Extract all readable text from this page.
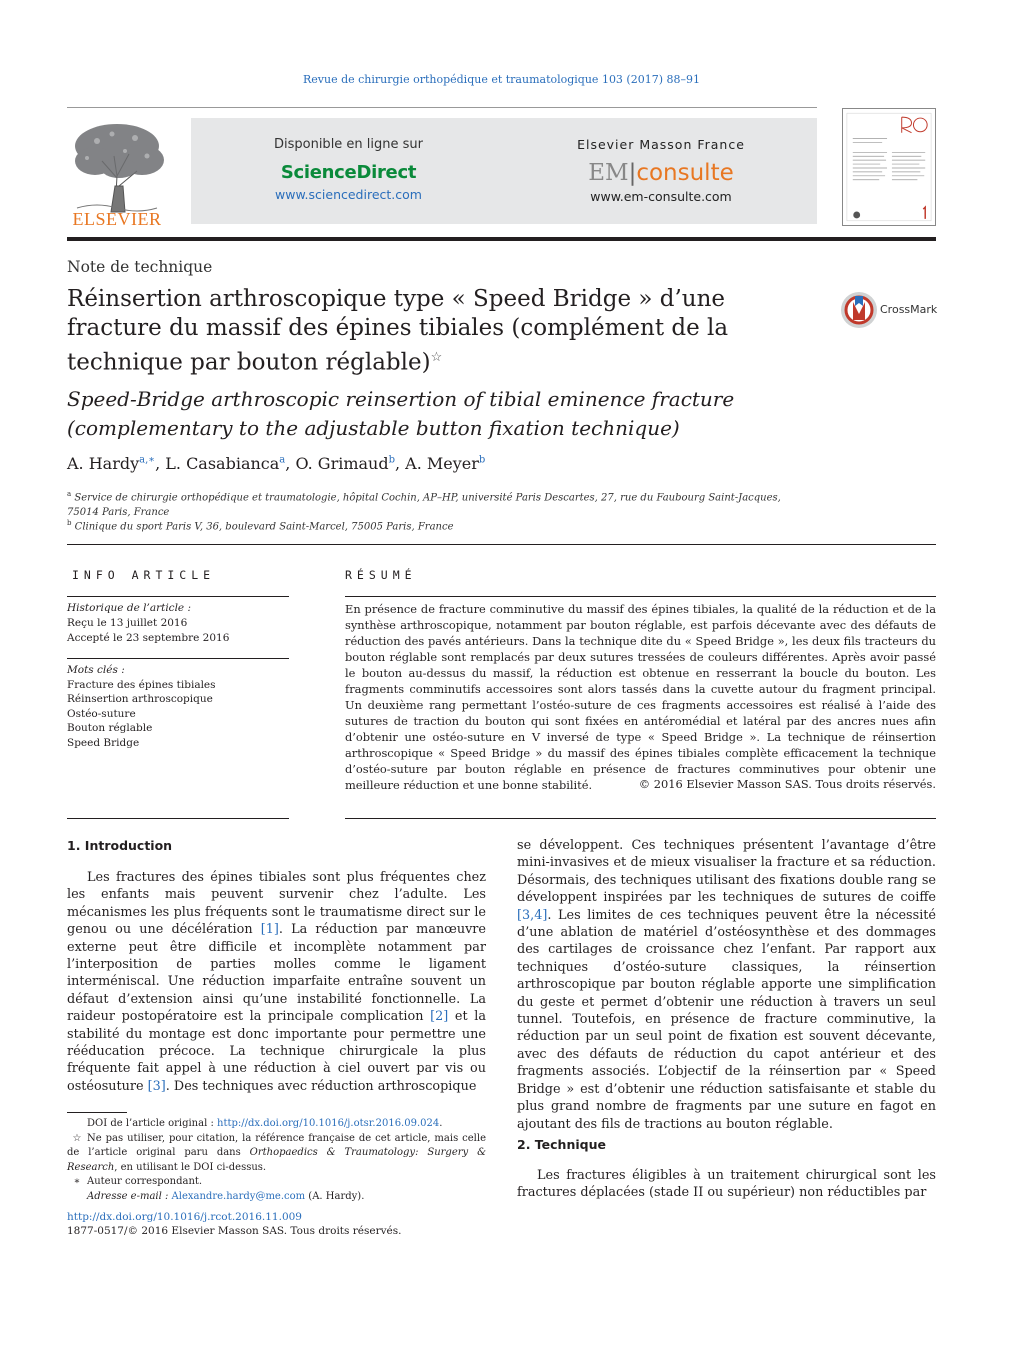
Revue de chirurgie orthopédique et traumatologique 103 (2017) 88–91
ELSEVIER
Disponible en ligne sur
ScienceDirect
www.sciencedirect.com
Elsevier Masson France
EM|consulte
www.em-consulte.com
Note de technique
Réinsertion arthroscopique type « Speed Bridge » d’une fracture du massif des épines tibiales (complément de la technique par bouton réglable)☆
CrossMark
Speed-Bridge arthroscopic reinsertion of tibial eminence fracture (complementary to the adjustable button fixation technique)
A. Hardy$^{a,∗}$, L. Casabianca$^a$, O. Grimaud$^b$, A. Meyer$^b$
$^a$ Service de chirurgie orthopédique et traumatologie, hôpital Cochin, AP–HP, université Paris Descartes, 27, rue du Faubourg Saint-Jacques, 75014 Paris, France
$^b$ Clinique du sport Paris V, 36, boulevard Saint-Marcel, 75005 Paris, France
INFO ARTICLE
Historique de l’article :
Reçu le 13 juillet 2016
Accepté le 23 septembre 2016
Mots clés :
Fracture des épines tibiales
Réinsertion arthroscopique
Ostéo-suture
Bouton réglable
Speed Bridge
RÉSUMÉ
En présence de fracture comminutive du massif des épines tibiales, la qualité de la réduction et de la synthèse arthroscopique, notamment par bouton réglable, est parfois décevante avec des défauts de réduction des pavés antérieurs. Dans la technique dite du « Speed Bridge », les deux fils tracteurs du bouton réglable sont remplacés par deux sutures tressées de couleurs différentes. Après avoir passé le bouton au-dessus du massif, la réduction est obtenue en resserrant la boucle du bouton. Les fragments comminutifs accessoires sont alors tassés dans la cuvette autour du fragment principal. Un deuxième rang permettant l’ostéo-suture de ces fragments accessoires est réalisé à l’aide des sutures de traction du bouton qui sont fixées en antéromédial et latéral par des ancres nues afin d’obtenir une ostéo-suture en V inversé de type « Speed Bridge ». La technique de réinsertion arthroscopique « Speed Bridge » du massif des épines tibiales complète efficacement la technique d’ostéo-suture par bouton réglable en présence de fractures comminutives pour obtenir une meilleure réduction et une bonne stabilité.	© 2016 Elsevier Masson SAS. Tous droits réservés.
1. Introduction

Les fractures des épines tibiales sont plus fréquentes chez les enfants mais peuvent survenir chez l’adulte. Les mécanismes les plus fréquents sont le traumatisme direct sur le genou ou une décélération [1]. La réduction par manœuvre externe peut être difficile et incomplète notamment par l’interposition de parties molles comme le ligament interméniscal. Une réduction imparfaite entraîne souvent un défaut d’extension ainsi qu’une instabilité fonctionnelle. La raideur postopératoire est la principale complication [2] et la stabilité du montage est donc importante pour permettre une rééducation précoce. La technique chirurgicale la plus fréquente fait appel à une réduction à ciel ouvert par vis ou ostéosuture [3]. Des techniques avec réduction arthroscopique

DOI de l’article original : http://dx.doi.org/10.1016/j.otsr.2016.09.024.
☆ Ne pas utiliser, pour citation, la référence française de cet article, mais celle de l’article original paru dans Orthopaedics & Traumatology: Surgery & Research, en utilisant le DOI ci-dessus.
∗ Auteur correspondant.
Adresse e-mail : Alexandre.hardy@me.com (A. Hardy).
http://dx.doi.org/10.1016/j.rcot.2016.11.009
1877-0517/© 2016 Elsevier Masson SAS. Tous droits réservés.

se développent. Ces techniques présentent l’avantage d’être mini-invasives et de mieux visualiser la fracture et sa réduction. Désormais, des techniques utilisant des fixations double rang se développent inspirées par les techniques de sutures de coiffe [3,4]. Les limites de ces techniques peuvent être la nécessité d’une ablation de matériel d’ostéosynthèse et des dommages des cartilages de croissance chez l’enfant. Par rapport aux techniques d’ostéo-suture classiques, la réinsertion arthroscopique par bouton réglable apporte une simplification du geste et permet d’obtenir une réduction à travers un seul tunnel. Toutefois, en présence de fracture comminutive, la réduction par un seul point de fixation est souvent décevante, avec des défauts de réduction du capot antérieur et des fragments associés. L’objectif de la réinsertion par « Speed Bridge » est d’obtenir une réduction satisfaisante et stable du plus grand nombre de fragments par une suture en fagot en ajoutant des fils de tractions au bouton réglable.

2. Technique

Les fractures éligibles à un traitement chirurgical sont les fractures déplacées (stade II ou supérieur) non réductibles par
